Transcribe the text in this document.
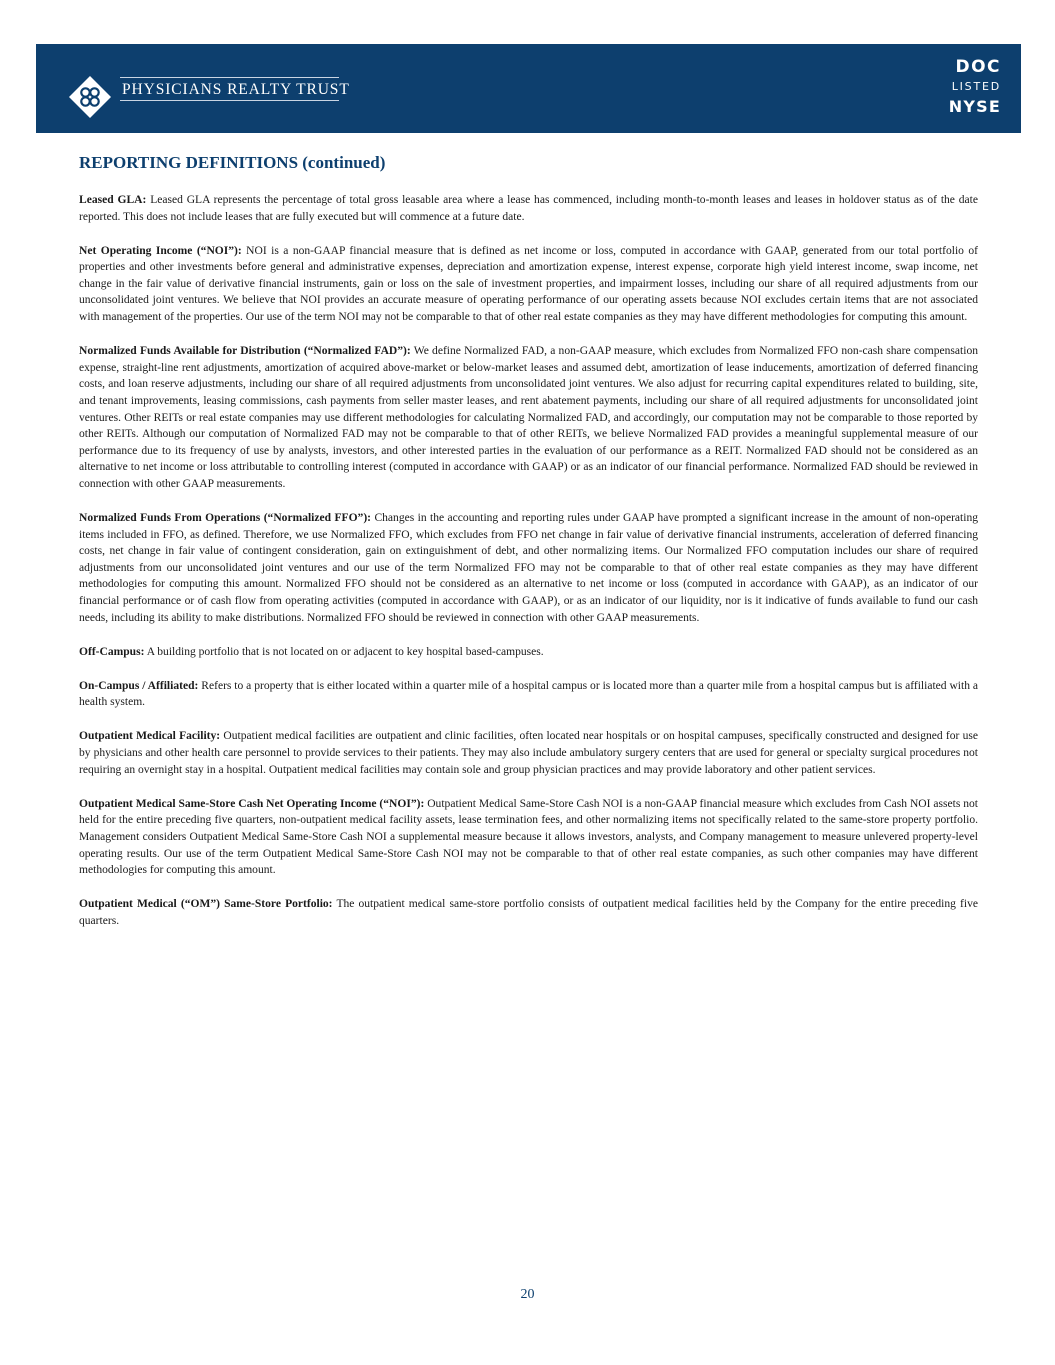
PHYSICIANS REALTY TRUST
DOC
LISTED
NYSE
REPORTING DEFINITIONS (continued)

Leased GLA: Leased GLA represents the percentage of total gross leasable area where a lease has commenced, including month-to-month leases and leases in holdover status as of the date reported. This does not include leases that are fully executed but will commence at a future date.

Net Operating Income (“NOI”): NOI is a non-GAAP financial measure that is defined as net income or loss, computed in accordance with GAAP, generated from our total portfolio of properties and other investments before general and administrative expenses, depreciation and amortization expense, interest expense, corporate high yield interest income, swap income, net change in the fair value of derivative financial instruments, gain or loss on the sale of investment properties, and impairment losses, including our share of all required adjustments from our unconsolidated joint ventures. We believe that NOI provides an accurate measure of operating performance of our operating assets because NOI excludes certain items that are not associated with management of the properties. Our use of the term NOI may not be comparable to that of other real estate companies as they may have different methodologies for computing this amount.

Normalized Funds Available for Distribution (“Normalized FAD”): We define Normalized FAD, a non-GAAP measure, which excludes from Normalized FFO non-cash share compensation expense, straight-line rent adjustments, amortization of acquired above-market or below-market leases and assumed debt, amortization of lease inducements, amortization of deferred financing costs, and loan reserve adjustments, including our share of all required adjustments from unconsolidated joint ventures. We also adjust for recurring capital expenditures related to building, site, and tenant improvements, leasing commissions, cash payments from seller master leases, and rent abatement payments, including our share of all required adjustments for unconsolidated joint ventures. Other REITs or real estate companies may use different methodologies for calculating Normalized FAD, and accordingly, our computation may not be comparable to those reported by other REITs. Although our computation of Normalized FAD may not be comparable to that of other REITs, we believe Normalized FAD provides a meaningful supplemental measure of our performance due to its frequency of use by analysts, investors, and other interested parties in the evaluation of our performance as a REIT. Normalized FAD should not be considered as an alternative to net income or loss attributable to controlling interest (computed in accordance with GAAP) or as an indicator of our financial performance. Normalized FAD should be reviewed in connection with other GAAP measurements.

Normalized Funds From Operations (“Normalized FFO”): Changes in the accounting and reporting rules under GAAP have prompted a significant increase in the amount of non-operating items included in FFO, as defined. Therefore, we use Normalized FFO, which excludes from FFO net change in fair value of derivative financial instruments, acceleration of deferred financing costs, net change in fair value of contingent consideration, gain on extinguishment of debt, and other normalizing items. Our Normalized FFO computation includes our share of required adjustments from our unconsolidated joint ventures and our use of the term Normalized FFO may not be comparable to that of other real estate companies as they may have different methodologies for computing this amount. Normalized FFO should not be considered as an alternative to net income or loss (computed in accordance with GAAP), as an indicator of our financial performance or of cash flow from operating activities (computed in accordance with GAAP), or as an indicator of our liquidity, nor is it indicative of funds available to fund our cash needs, including its ability to make distributions. Normalized FFO should be reviewed in connection with other GAAP measurements.

Off-Campus: A building portfolio that is not located on or adjacent to key hospital based-campuses.

On-Campus / Affiliated: Refers to a property that is either located within a quarter mile of a hospital campus or is located more than a quarter mile from a hospital campus but is affiliated with a health system.

Outpatient Medical Facility: Outpatient medical facilities are outpatient and clinic facilities, often located near hospitals or on hospital campuses, specifically constructed and designed for use by physicians and other health care personnel to provide services to their patients. They may also include ambulatory surgery centers that are used for general or specialty surgical procedures not requiring an overnight stay in a hospital. Outpatient medical facilities may contain sole and group physician practices and may provide laboratory and other patient services.

Outpatient Medical Same-Store Cash Net Operating Income (“NOI”): Outpatient Medical Same-Store Cash NOI is a non-GAAP financial measure which excludes from Cash NOI assets not held for the entire preceding five quarters, non-outpatient medical facility assets, lease termination fees, and other normalizing items not specifically related to the same-store property portfolio. Management considers Outpatient Medical Same-Store Cash NOI a supplemental measure because it allows investors, analysts, and Company management to measure unlevered property-level operating results. Our use of the term Outpatient Medical Same-Store Cash NOI may not be comparable to that of other real estate companies, as such other companies may have different methodologies for computing this amount.

Outpatient Medical (“OM”) Same-Store Portfolio: The outpatient medical same-store portfolio consists of outpatient medical facilities held by the Company for the entire preceding five quarters.

20
